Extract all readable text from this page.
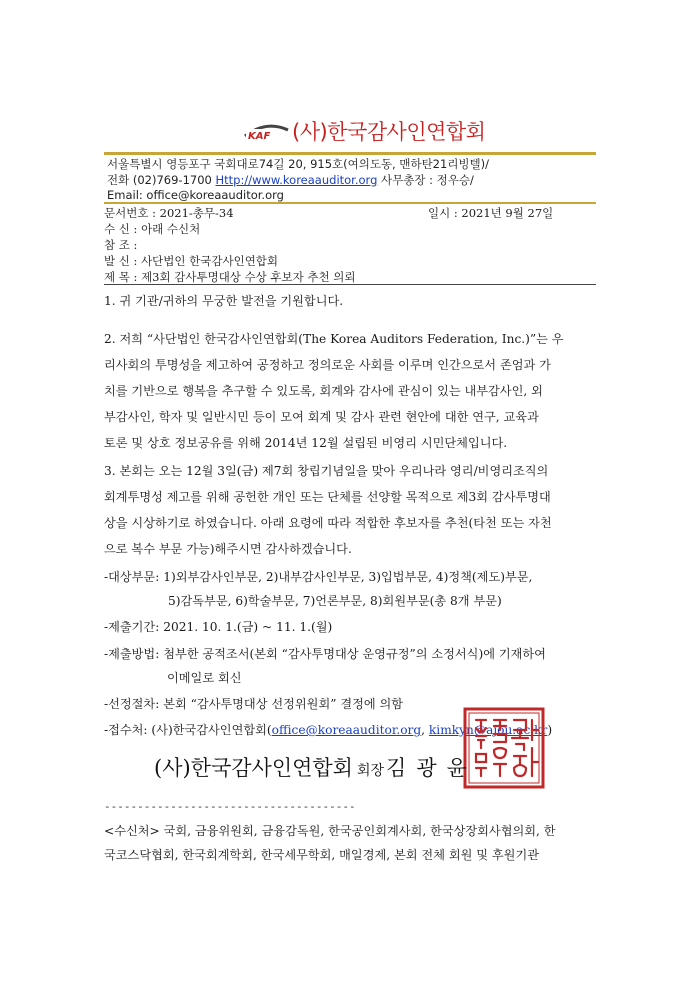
KAF (사)한국감사인연합회
서울특별시 영등포구 국회대로74길 20, 915호(여의도동, 맨하탄21리빙텔)/
전화 (02)769-1700 Http://www.koreaauditor.org 사무총장 : 정우승/
Email: office@koreaauditor.org
문서번호 : 2021-총무-34	일시 : 2021년 9월 27일
수 신 : 아래 수신처
참 조 :
발 신 : 사단법인 한국감사인연합회
제 목 : 제3회 감사투명대상 수상 후보자 추천 의뢰
1. 귀 기관/귀하의 무궁한 발전을 기원합니다.
2. 저희 “사단법인 한국감사인연합회(The Korea Auditors Federation, Inc.)”는 우
리사회의 투명성을 제고하여 공정하고 정의로운 사회를 이루며 인간으로서 존엄과 가
치를 기반으로 행복을 추구할 수 있도록, 회계와 감사에 관심이 있는 내부감사인, 외
부감사인, 학자 및 일반시민 등이 모여 회계 및 감사 관련 현안에 대한 연구, 교육과
토론 및 상호 정보공유를 위해 2014년 12월 설립된 비영리 시민단체입니다.
3. 본회는 오는 12월 3일(금) 제7회 창립기념일을 맞아 우리나라 영리/비영리조직의
회계투명성 제고를 위해 공헌한 개인 또는 단체를 선양할 목적으로 제3회 감사투명대
상을 시상하기로 하였습니다. 아래 요령에 따라 적합한 후보자를 추천(타천 또는 자천
으로 복수 부문 가능)해주시면 감사하겠습니다.
-대상부문: 1)외부감사인부문, 2)내부감사인부문, 3)입법부문, 4)정책(제도)부문,
5)감독부문, 6)학술부문, 7)언론부문, 8)회원부문(총 8개 부문)
-제출기간: 2021. 10. 1.(금) ~ 11. 1.(월)
-제출방법: 첨부한 공적조서(본회 “감사투명대상 운영규정”의 소정서식)에 기재하여
이메일로 회신
-선정절차: 본회 “감사투명대상 선정위원회” 결정에 의함
-접수처: (사)한국감사인연합회(office@koreaauditor.org, kimkyn@ajou.ac.kr)
한국감사인연합회장인
(사)한국감사인연합회 회장김광윤
--------------------------------------
<수신처> 국회, 금융위원회, 금융감독원, 한국공인회계사회, 한국상장회사협의회, 한
국코스닥협회, 한국회계학회, 한국세무학회, 매일경제, 본회 전체 회원 및 후원기관
